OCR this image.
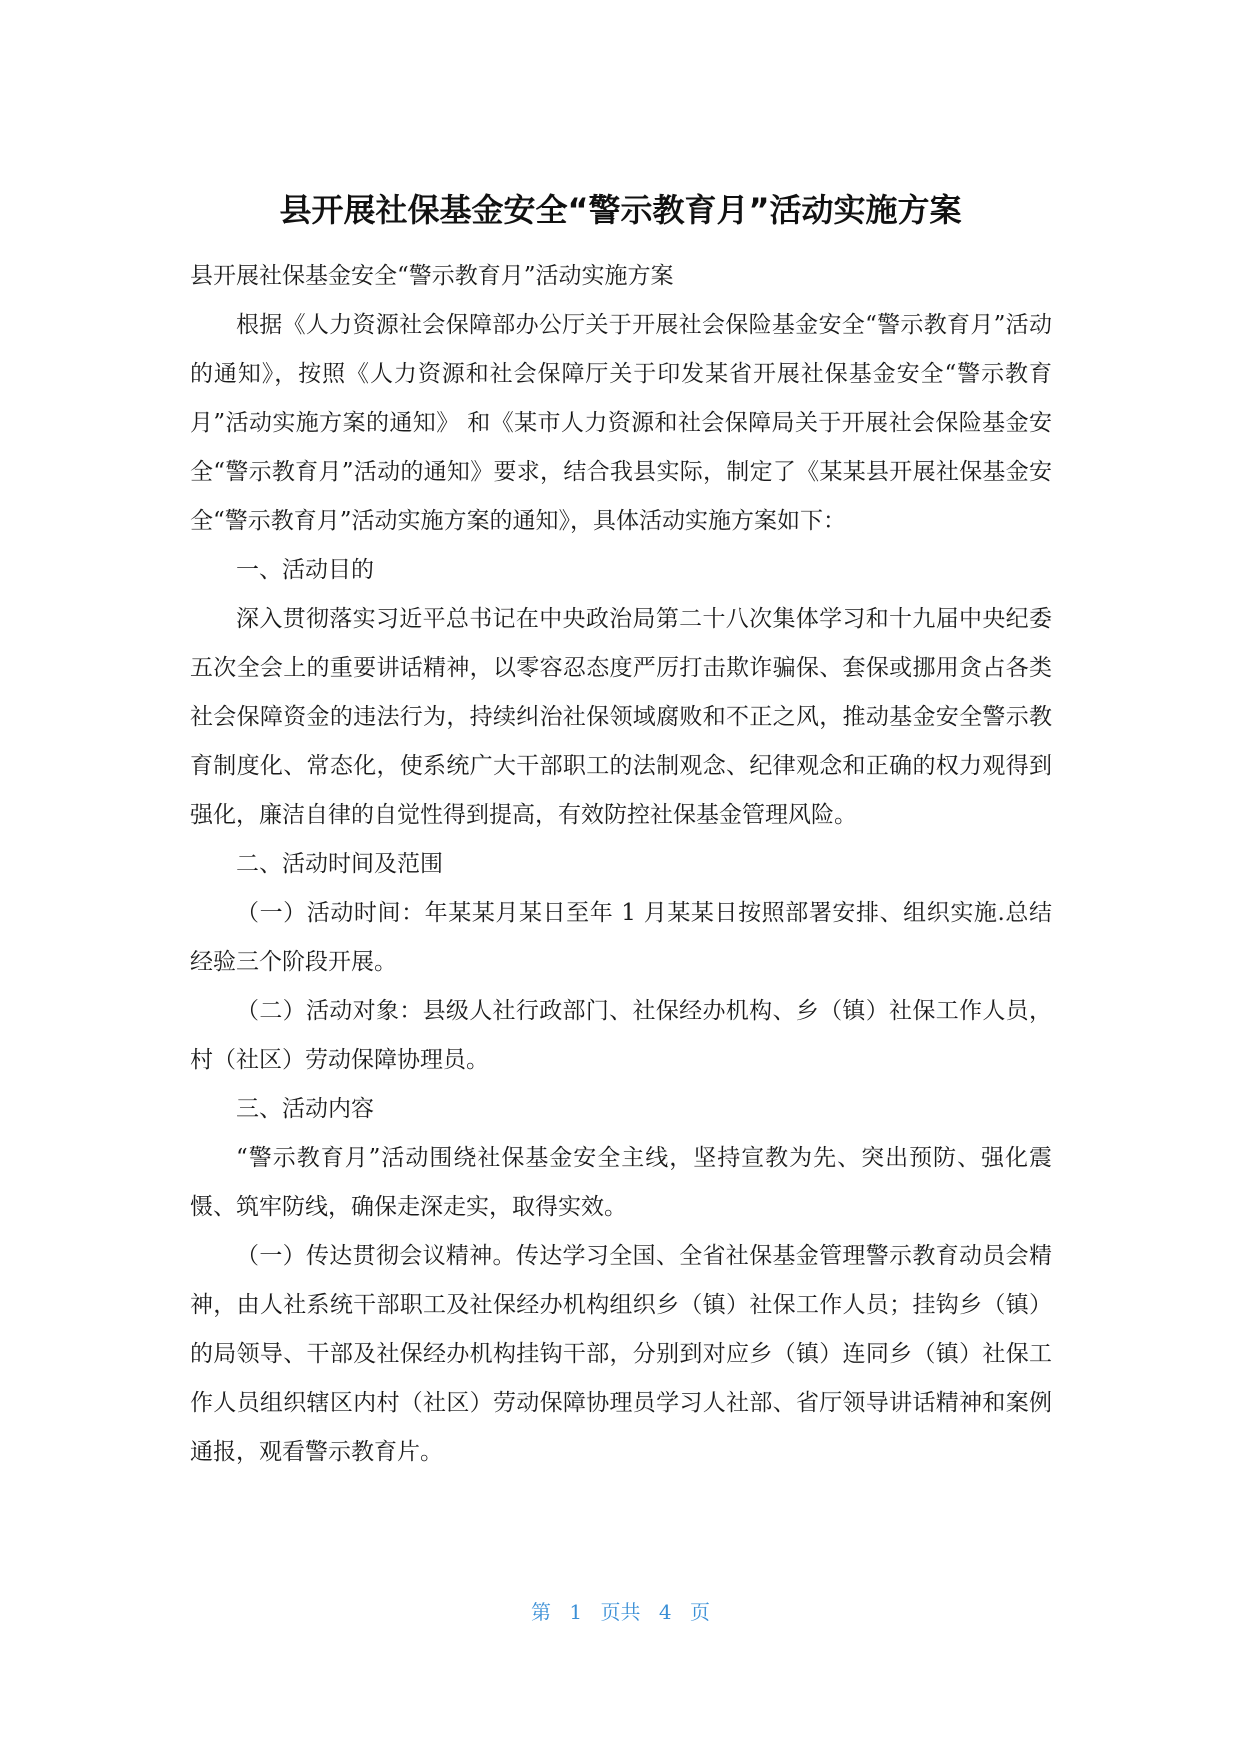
县开展社保基金安全“警示教育月”活动实施方案

县开展社保基金安全“警示教育月”活动实施方案

根据《人力资源社会保障部办公厅关于开展社会保险基金安全“警示教育月”活动的通知》，按照《人力资源和社会保障厅关于印发某省开展社保基金安全“警示教育月”活动实施方案的通知》 和《某市人力资源和社会保障局关于开展社会保险基金安全“警示教育月”活动的通知》要求，结合我县实际，制定了《某某县开展社保基金安全“警示教育月”活动实施方案的通知》，具体活动实施方案如下：

一、活动目的

深入贯彻落实习近平总书记在中央政治局第二十八次集体学习和十九届中央纪委五次全会上的重要讲话精神，以零容忍态度严厉打击欺诈骗保、套保或挪用贪占各类社会保障资金的违法行为，持续纠治社保领域腐败和不正之风，推动基金安全警示教育制度化、常态化，使系统广大干部职工的法制观念、纪律观念和正确的权力观得到强化，廉洁自律的自觉性得到提高，有效防控社保基金管理风险。

二、活动时间及范围

（一）活动时间：年某某月某日至年 1 月某某日按照部署安排、组织实施.总结经验三个阶段开展。

（二）活动对象：县级人社行政部门、社保经办机构、乡（镇）社保工作人员，村（社区）劳动保障协理员。

三、活动内容

“警示教育月”活动围绕社保基金安全主线，坚持宣教为先、突出预防、强化震慑、筑牢防线，确保走深走实，取得实效。

（一）传达贯彻会议精神。传达学习全国、全省社保基金管理警示教育动员会精神，由人社系统干部职工及社保经办机构组织乡（镇）社保工作人员；挂钩乡（镇）的局领导、干部及社保经办机构挂钩干部，分别到对应乡（镇）连同乡（镇）社保工作人员组织辖区内村（社区）劳动保障协理员学习人社部、省厅领导讲话精神和案例通报，观看警示教育片。

第 1 页共 4 页
